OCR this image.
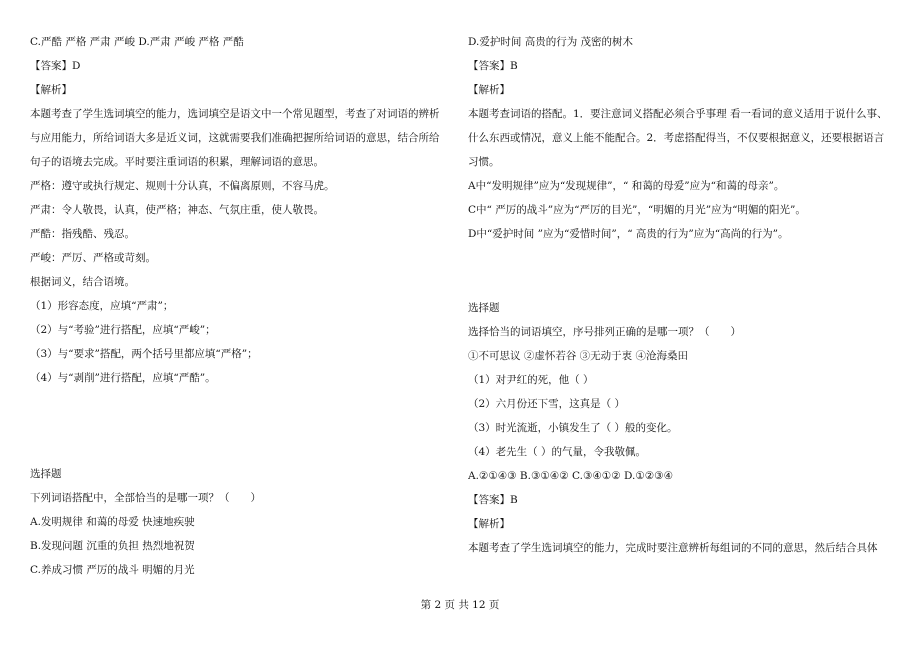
C.严酷 严格 严肃 严峻 D.严肃 严峻 严格 严酷
【答案】D
【解析】
本题考查了学生选词填空的能力，选词填空是语文中一个常见题型，考查了对词语的辨析
与应用能力，所给词语大多是近义词，这就需要我们准确把握所给词语的意思，结合所给
句子的语境去完成。平时要注重词语的积累，理解词语的意思。
严格：遵守或执行规定、规则十分认真，不偏离原则，不容马虎。
严肃：令人敬畏，认真，使严格；神态、气氛庄重，使人敬畏。
严酷：指残酷、残忍。
严峻：严厉、严格或苛刻。
根据词义，结合语境。
（1）形容态度，应填“严肃”；
（2）与“考验”进行搭配，应填“严峻”；
（3）与“要求”搭配，两个括号里都应填“严格”；
（4）与“剥削”进行搭配，应填“严酷”。
选择题
下列词语搭配中，全部恰当的是哪一项？（　　）
A.发明规律 和蔼的母爱 快速地疾驶
B.发现问题 沉重的负担 热烈地祝贺
C.养成习惯 严厉的战斗 明媚的月光
D.爱护时间 高贵的行为 茂密的树木
【答案】B
【解析】
本题考查词语的搭配。1．要注意词义搭配必须合乎事理 看一看词的意义适用于说什么事、
什么东西或情况，意义上能不能配合。2．考虑搭配得当，不仅要根据意义，还要根据语言
习惯。
A中“发明规律”应为“发现规律”，“ 和蔼的母爱”应为“和蔼的母亲”。
C中“ 严厉的战斗”应为“严厉的目光”，“明媚的月光”应为“明媚的阳光”。
D中“爱护时间 ”应为“爱惜时间”，“ 高贵的行为”应为“高尚的行为”。
选择题
选择恰当的词语填空，序号排列正确的是哪一项？（　　）
①不可思议 ②虚怀若谷 ③无动于衷 ④沧海桑田
（1）对尹红的死，他（ ）
（2）六月份还下雪，这真是（ ）
（3）时光流逝，小镇发生了（ ）般的变化。
（4）老先生（ ）的气量，令我敬佩。
A.②①④③ B.③①④② C.③④①② D.①②③④
【答案】B
【解析】
本题考查了学生选词填空的能力，完成时要注意辨析每组词的不同的意思，然后结合具体
第 2 页 共 12 页
